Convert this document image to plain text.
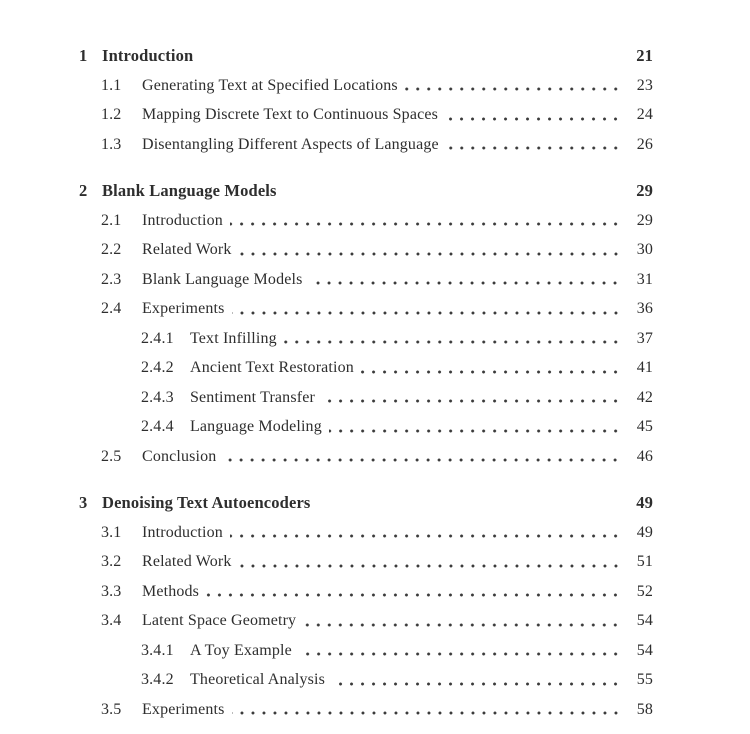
1 Introduction	21
1.1	Generating Text at Specified Locations	23
1.2	Mapping Discrete Text to Continuous Spaces	24
1.3	Disentangling Different Aspects of Language	26
2 Blank Language Models	29
2.1	Introduction	29
2.2	Related Work	30
2.3	Blank Language Models	31
2.4	Experiments	36
2.4.1	Text Infilling	37
2.4.2	Ancient Text Restoration	41
2.4.3	Sentiment Transfer	42
2.4.4	Language Modeling	45
2.5	Conclusion	46
3 Denoising Text Autoencoders	49
3.1	Introduction	49
3.2	Related Work	51
3.3	Methods	52
3.4	Latent Space Geometry	54
3.4.1	A Toy Example	54
3.4.2	Theoretical Analysis	55
3.5	Experiments	58
